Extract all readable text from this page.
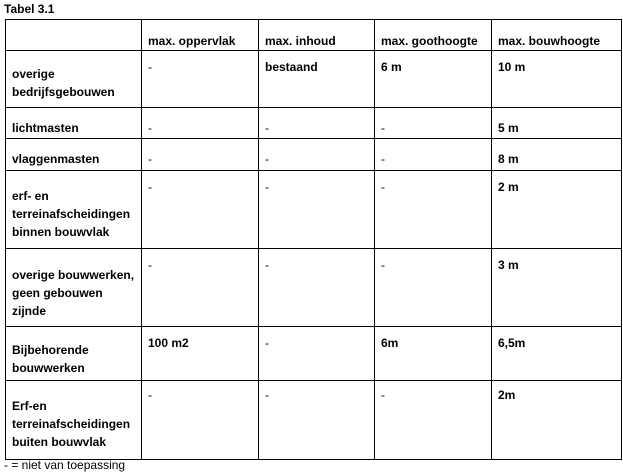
Tabel 3.1
	max. oppervlak	max. inhoud	max. goothoogte	max. bouwhoogte
overige bedrijfsgebouwen	-	bestaand	6 m	10 m
lichtmasten	-	-	-	5 m
vlaggenmasten	-	-	-	8 m
erf- en terreinafscheidingen binnen bouwvlak	-	-	-	2 m
overige bouwwerken, geen gebouwen zijnde	-	-	-	3 m
Bijbehorende bouwwerken	100 m2	-	6m	6,5m
Erf-en terreinafscheidingen buiten bouwvlak	-	-	-	2m
- = niet van toepassing
